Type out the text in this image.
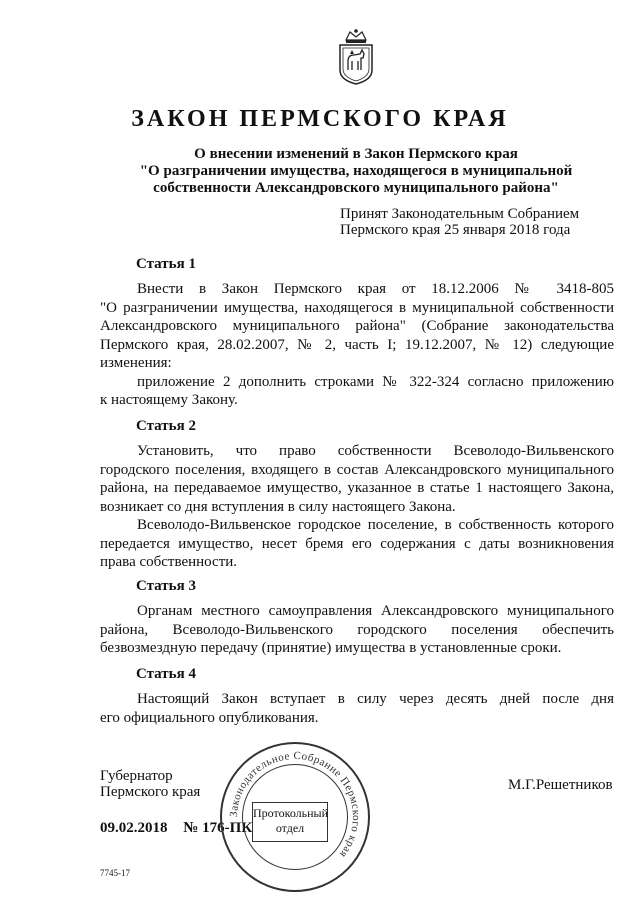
ЗАКОН ПЕРМСКОГО КРАЯ
О внесении изменений в Закон Пермского края
"О разграничении имущества, находящегося в муниципальной
собственности Александровского муниципального района"
Принят Законодательным Собранием
Пермского края 25 января 2018 года

Статья 1

Внести в Закон Пермского края от 18.12.2006 № 3418-805
"О разграничении имущества, находящегося в муниципальной собственности
Александровского муниципального района" (Собрание законодательства
Пермского края, 28.02.2007, № 2, часть I; 19.12.2007, № 12) следующие
изменения:
приложение 2 дополнить строками № 322-324 согласно приложению
к настоящему Закону.

Статья 2

Установить, что право собственности Всеволодо-Вильвенского
городского поселения, входящего в состав Александровского муниципального
района, на передаваемое имущество, указанное в статье 1 настоящего Закона,
возникает со дня вступления в силу настоящего Закона.
Всеволодо-Вильвенское городское поселение, в собственность которого
передается имущество, несет бремя его содержания с даты возникновения
права собственности.

Статья 3

Органам местного самоуправления Александровского муниципального
района, Всеволодо-Вильвенского городского поселения обеспечить
безвозмездную передачу (принятие) имущества в установленные сроки.

Статья 4

Настоящий Закон вступает в силу через десять дней после дня
его официального опубликования.
Губернатор
Пермского края	М.Г.Решетников
09.02.2018 № 176-ПК
7745-17
Законодательное Собрание Пермского края
Протокольный
отдел
